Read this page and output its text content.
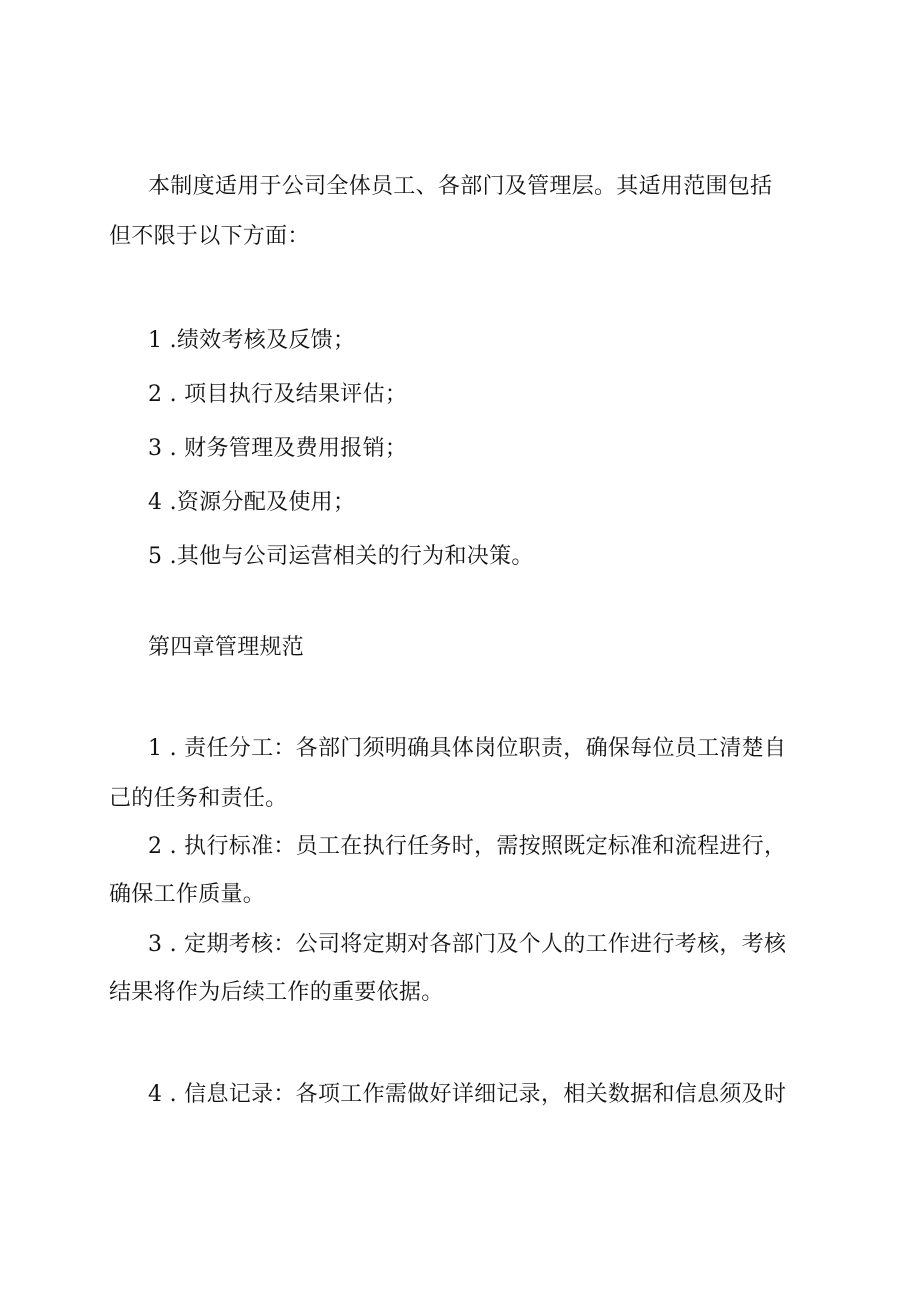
本制度适用于公司全体员工、各部门及管理层。其适用范围包括
但不限于以下方面：
1 .绩效考核及反馈；
2 . 项目执行及结果评估；
3 . 财务管理及费用报销；
4 .资源分配及使用；
5 .其他与公司运营相关的行为和决策。
第四章管理规范
1 . 责任分工：各部门须明确具体岗位职责，确保每位员工清楚自
己的任务和责任。
2 . 执行标准：员工在执行任务时，需按照既定标准和流程进行，
确保工作质量。
3 . 定期考核：公司将定期对各部门及个人的工作进行考核，考核
结果将作为后续工作的重要依据。
4 . 信息记录：各项工作需做好详细记录，相关数据和信息须及时
